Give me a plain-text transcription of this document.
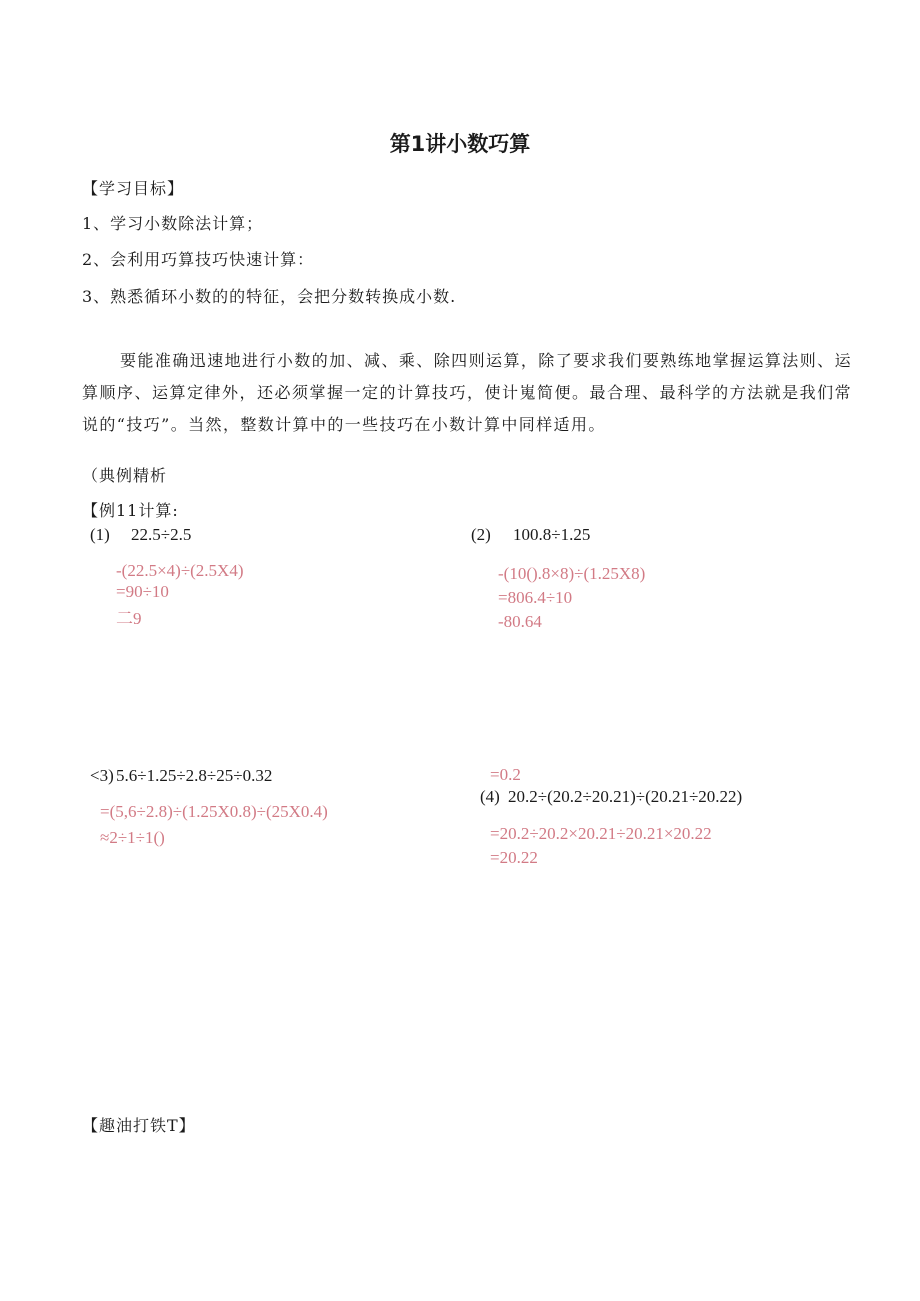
第1讲小数巧算
【学习目标】
1、学习小数除法计算；
2、会利用巧算技巧快速计算：
3、熟悉循环小数的的特征，会把分数转换成小数.
要能准确迅速地进行小数的加、减、乘、除四则运算，除了要求我们要熟练地掌握运算法则、运算顺序、运算定律外，还必须掌握一定的计算技巧，使计嵬简便。最合理、最科学的方法就是我们常说的“技巧”。当然，整数计算中的一些技巧在小数计算中同样适用。
（典例精析
【例11计算:
(1) 22.5÷2.5
-(22.5×4)÷(2.5X4)
=90÷10
二9
(2) 100.8÷1.25
-(10().8×8)÷(1.25X8)
=806.4÷10
-80.64
<3) 5.6÷1.25÷2.8÷25÷0.32
=(5,6÷2.8)÷(1.25X0.8)÷(25X0.4)
≈2÷1÷1()
=0.2
(4) 20.2÷(20.2÷20.21)÷(20.21÷20.22)
=20.2÷20.2×20.21÷20.21×20.22
=20.22
【趣油打铁T】
